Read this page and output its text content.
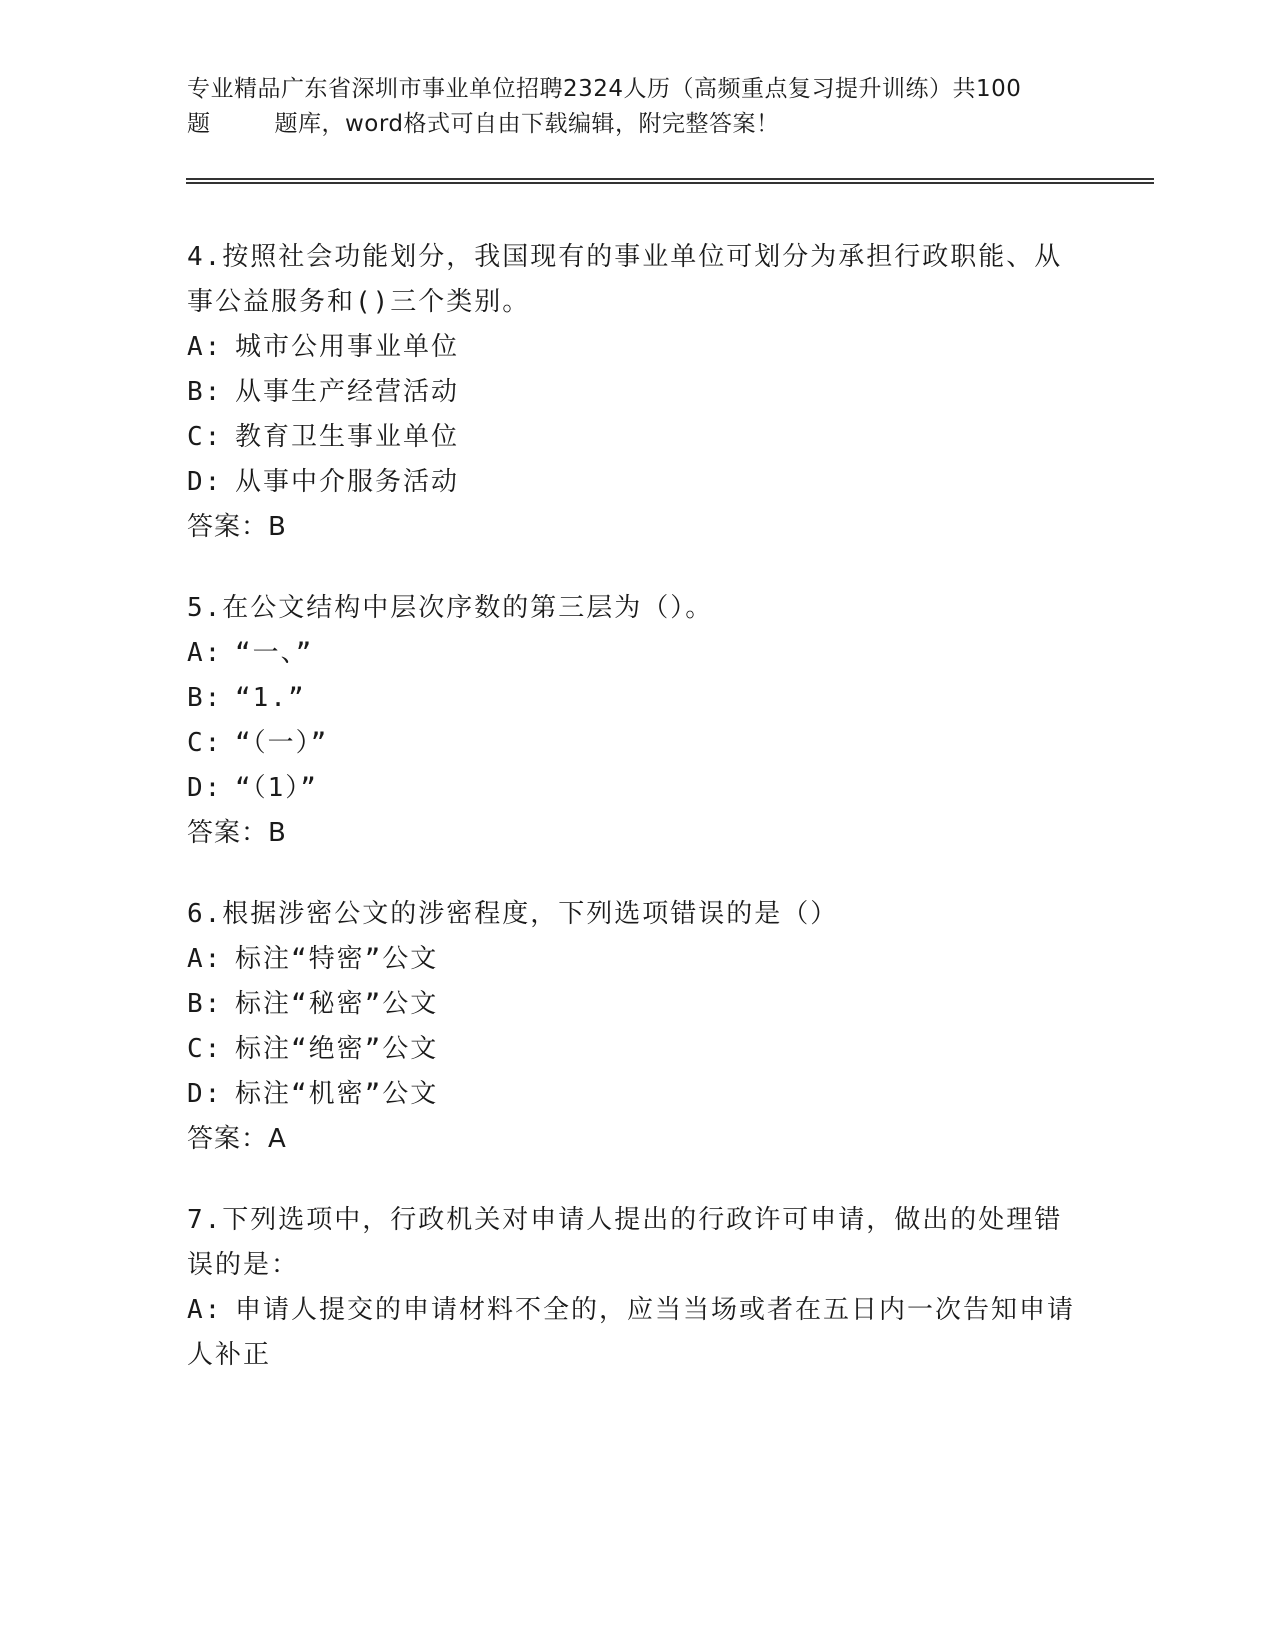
专业精品广东省深圳市事业单位招聘2324人历（高频重点复习提升训练）共100
题	题库，word格式可自由下载编辑，附完整答案！

4.按照社会功能划分，我国现有的事业单位可划分为承担行政职能、从事公益服务和()三个类别。

A: 城市公用事业单位

B: 从事生产经营活动

C: 教育卫生事业单位

D: 从事中介服务活动

答案：B

5.在公文结构中层次序数的第三层为（）。

A: “一、”

B: “1.”

C: “（一）”

D: “（1）”

答案：B

6.根据涉密公文的涉密程度，下列选项错误的是（）

A: 标注“特密”公文

B: 标注“秘密”公文

C: 标注“绝密”公文

D: 标注“机密”公文

答案：A

7.下列选项中，行政机关对申请人提出的行政许可申请，做出的处理错误的是：

A: 申请人提交的申请材料不全的，应当当场或者在五日内一次告知申请人补正
